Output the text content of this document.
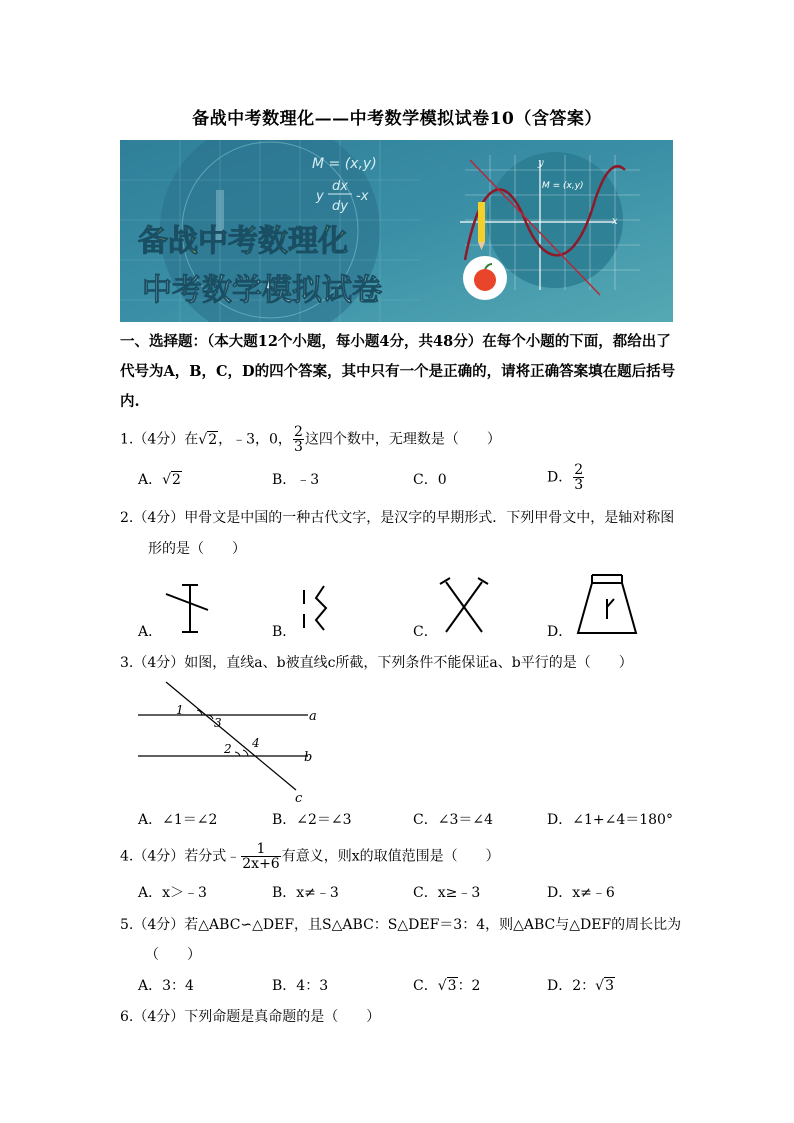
备战中考数理化——中考数学模拟试卷10（含答案）
M = (x,y)
dx
dy
y -x
备战中考数理化
中考数学模拟试卷
x
y
M = (x,y)
一、选择题：（本大题12个小题，每小题4分，共48分）在每个小题的下面，都给出了
代号为A，B，C，D的四个答案，其中只有一个是正确的，请将正确答案填在题后括号
内.
1.（4分）在√2，﹣3，0， $\frac{2}{3}$ 这四个数中，无理数是（　　）
A．√2	B．﹣3	C．0	D． $\frac{2}{3}$
2.（4分）甲骨文是中国的一种古代文字，是汉字的早期形式．下列甲骨文中，是轴对称图
形的是（　　）
A．	B．	C．	D．
3.（4分）如图，直线a、b被直线c所截，下列条件不能保证a、b平行的是（　　）
1
3
2 4
a
b
c
A．∠1＝∠2	B．∠2＝∠3	C．∠3＝∠4	D．∠1+∠4＝180°
4.（4分）若分式﹣ $\frac{1}{2x+6}$ 有意义，则x的取值范围是（　　）
A．x＞﹣3	B．x≠﹣3	C．x≥﹣3	D．x≠﹣6
5.（4分）若△ABC∽△DEF，且S△ABC：S△DEF＝3：4，则△ABC与△DEF的周长比为
（　　）
A．3：4	B．4：3	C．√3：2	D．2：√3
6.（4分）下列命题是真命题的是（　　）
